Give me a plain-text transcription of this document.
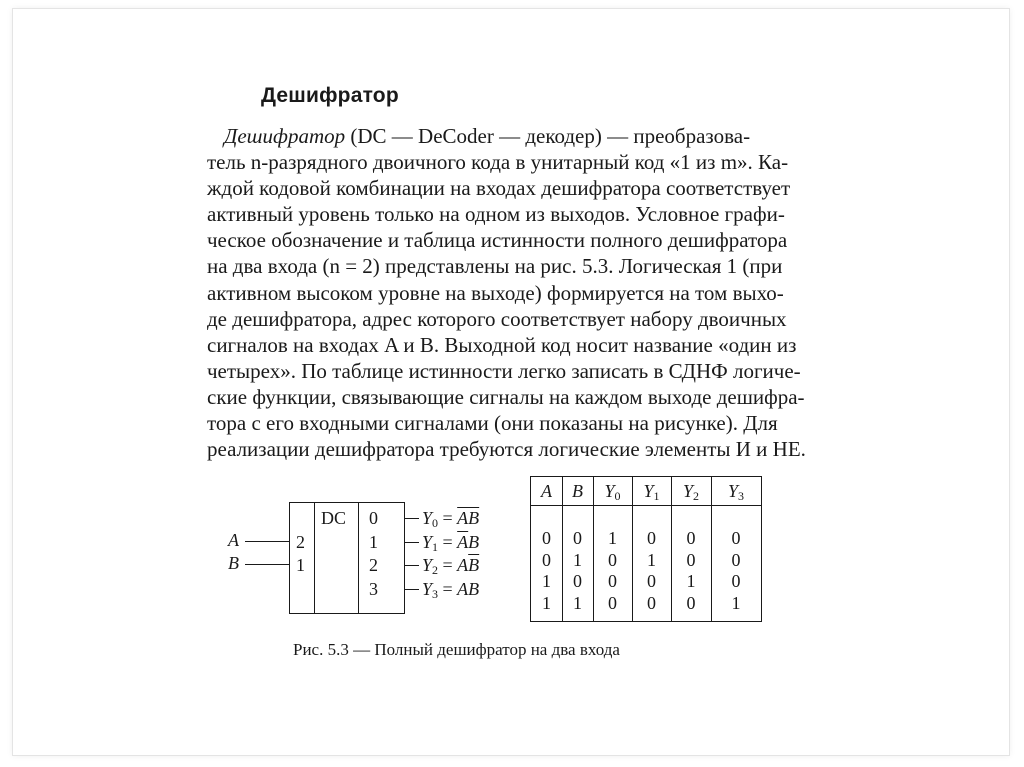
Дешифратор
Дешифратор (DC — DeCoder — декодер) — преобразова-
тель n-разрядного двоичного кода в унитарный код «1 из m». Ка-
ждой кодовой комбинации на входах дешифратора соответствует
активный уровень только на одном из выходов. Условное графи-
ческое обозначение и таблица истинности полного дешифратора
на два входа (n = 2) представлены на рис. 5.3. Логическая 1 (при
активном высоком уровне на выходе) формируется на том выхо-
де дешифратора, адрес которого соответствует набору двоичных
сигналов на входах A и B. Выходной код носит название «один из
четырех». По таблице истинности легко записать в СДНФ логиче-
ские функции, связывающие сигналы на каждом выходе дешифра-
тора с его входными сигналами (они показаны на рисунке). Для
реализации дешифратора требуются логические элементы И и НЕ.
DC
2
1
0
1
2
3
A
B
$Y_0 = \overline{AB}$
$Y_1 = \overline{A}B$
$Y_2 = A\overline{B}$
$Y_3$ = AB
A	B	$Y_0$	$Y_1$	$Y_2$	$Y_3$
0	0	1	0	0	0
0	1	0	1	0	0
1	0	0	0	1	0
1	1	0	0	0	1
Рис. 5.3 — Полный дешифратор на два входа
